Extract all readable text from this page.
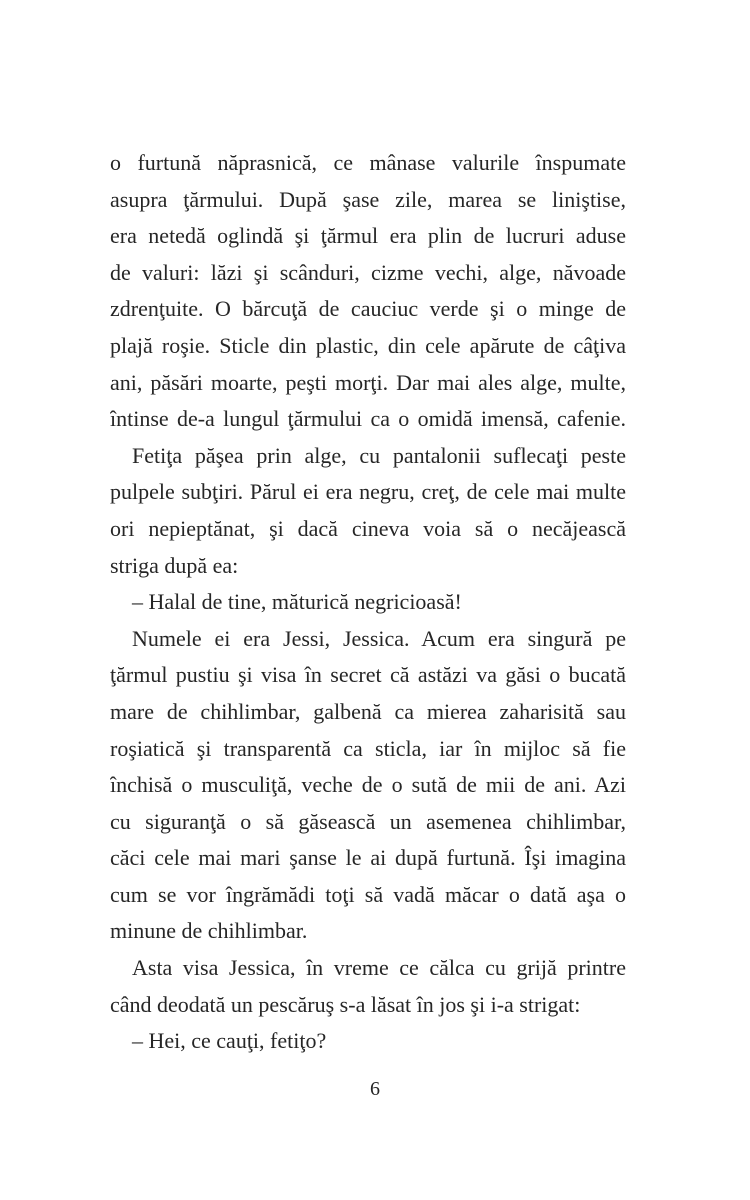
o furtună năprasnică, ce mânase valurile înspumate
asupra ţărmului. După şase zile, marea se liniştise,
era netedă oglindă şi ţărmul era plin de lucruri aduse
de valuri: lăzi şi scânduri, cizme vechi, alge, năvoade
zdrenţuite. O bărcuţă de cauciuc verde şi o minge de
plajă roşie. Sticle din plastic, din cele apărute de câţiva
ani, păsări moarte, peşti morţi. Dar mai ales alge, multe,
întinse de-a lungul ţărmului ca o omidă imensă, cafenie.
Fetiţa păşea prin alge, cu pantalonii suflecaţi peste
pulpele subţiri. Părul ei era negru, creţ, de cele mai multe
ori nepieptănat, şi dacă cineva voia să o necăjească
striga după ea:
– Halal de tine, măturică negricioasă!
Numele ei era Jessi, Jessica. Acum era singură pe
ţărmul pustiu şi visa în secret că astăzi va găsi o bucată
mare de chihlimbar, galbenă ca mierea zaharisită sau
roşiatică şi transparentă ca sticla, iar în mijloc să fie
închisă o musculiţă, veche de o sută de mii de ani. Azi
cu siguranţă o să găsească un asemenea chihlimbar,
căci cele mai mari şanse le ai după furtună. Îşi imagina
cum se vor îngrămădi toţi să vadă măcar o dată aşa o
minune de chihlimbar.
Asta visa Jessica, în vreme ce călca cu grijă printre
când deodată un pescăruş s-a lăsat în jos şi i-a strigat:
– Hei, ce cauţi, fetiţo?
6
